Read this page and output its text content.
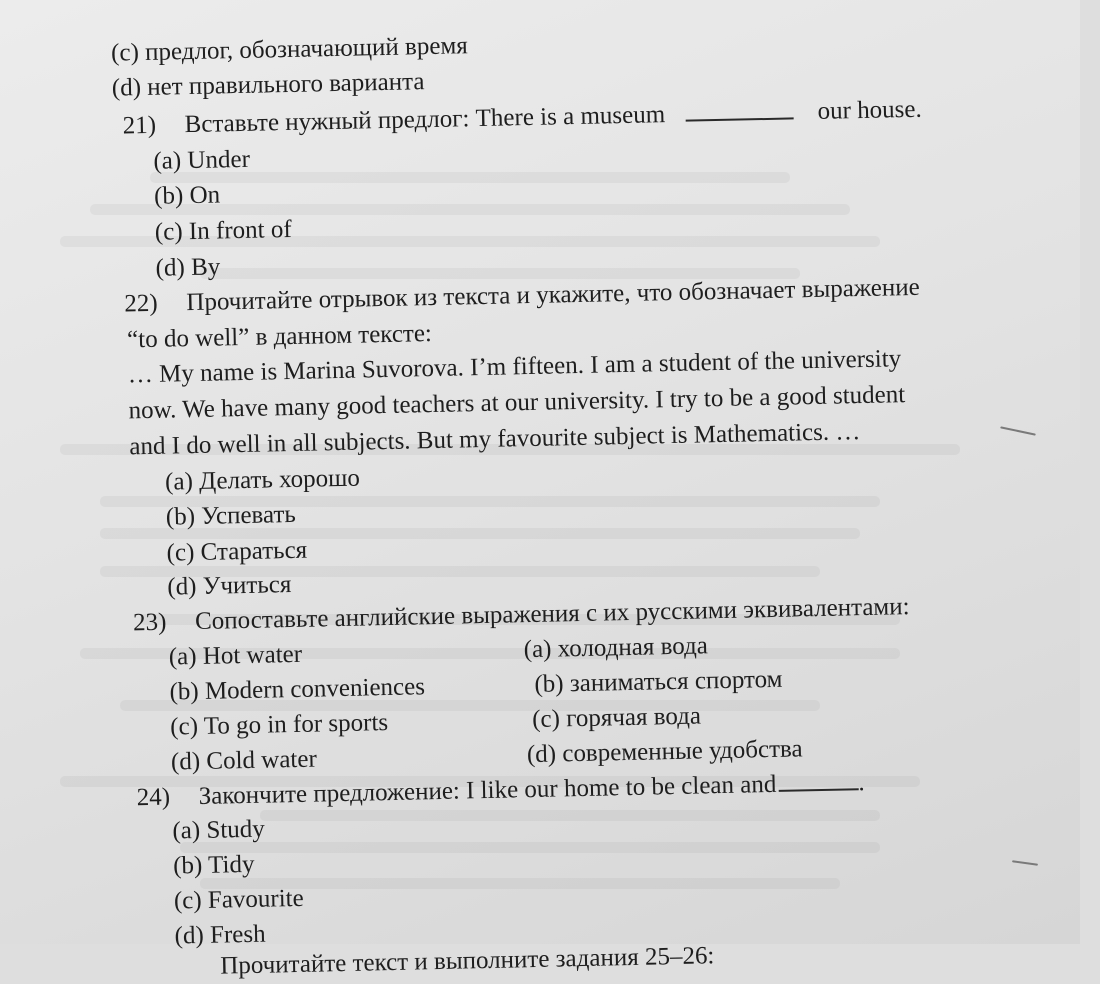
(c) предлог, обозначающий время
(d) нет правильного варианта
21) Вставьте нужный предлог: There is a museum	our house.
(a) Under
(b) On
(c) In front of
(d) By
22) Прочитайте отрывок из текста и укажите, что обозначает выражение
“to do well” в данном тексте:
… My name is Marina Suvorova. I’m fifteen. I am a student of the university
now. We have many good teachers at our university. I try to be a good student
and I do well in all subjects. But my favourite subject is Mathematics. …
(a) Делать хорошо
(b) Успевать
(c) Стараться
(d) Учиться
23) Сопоставьте английские выражения с их русскими эквивалентами:
(a) Hot water
(b) Modern conveniences
(c) To go in for sports
(d) Cold water
(a) холодная вода
(b) заниматься спортом
(c) горячая вода
(d) современные удобства
24) Закончите предложение: I like our home to be clean and	.
(a) Study
(b) Tidy
(c) Favourite
(d) Fresh
Прочитайте текст и выполните задания 25–26:
